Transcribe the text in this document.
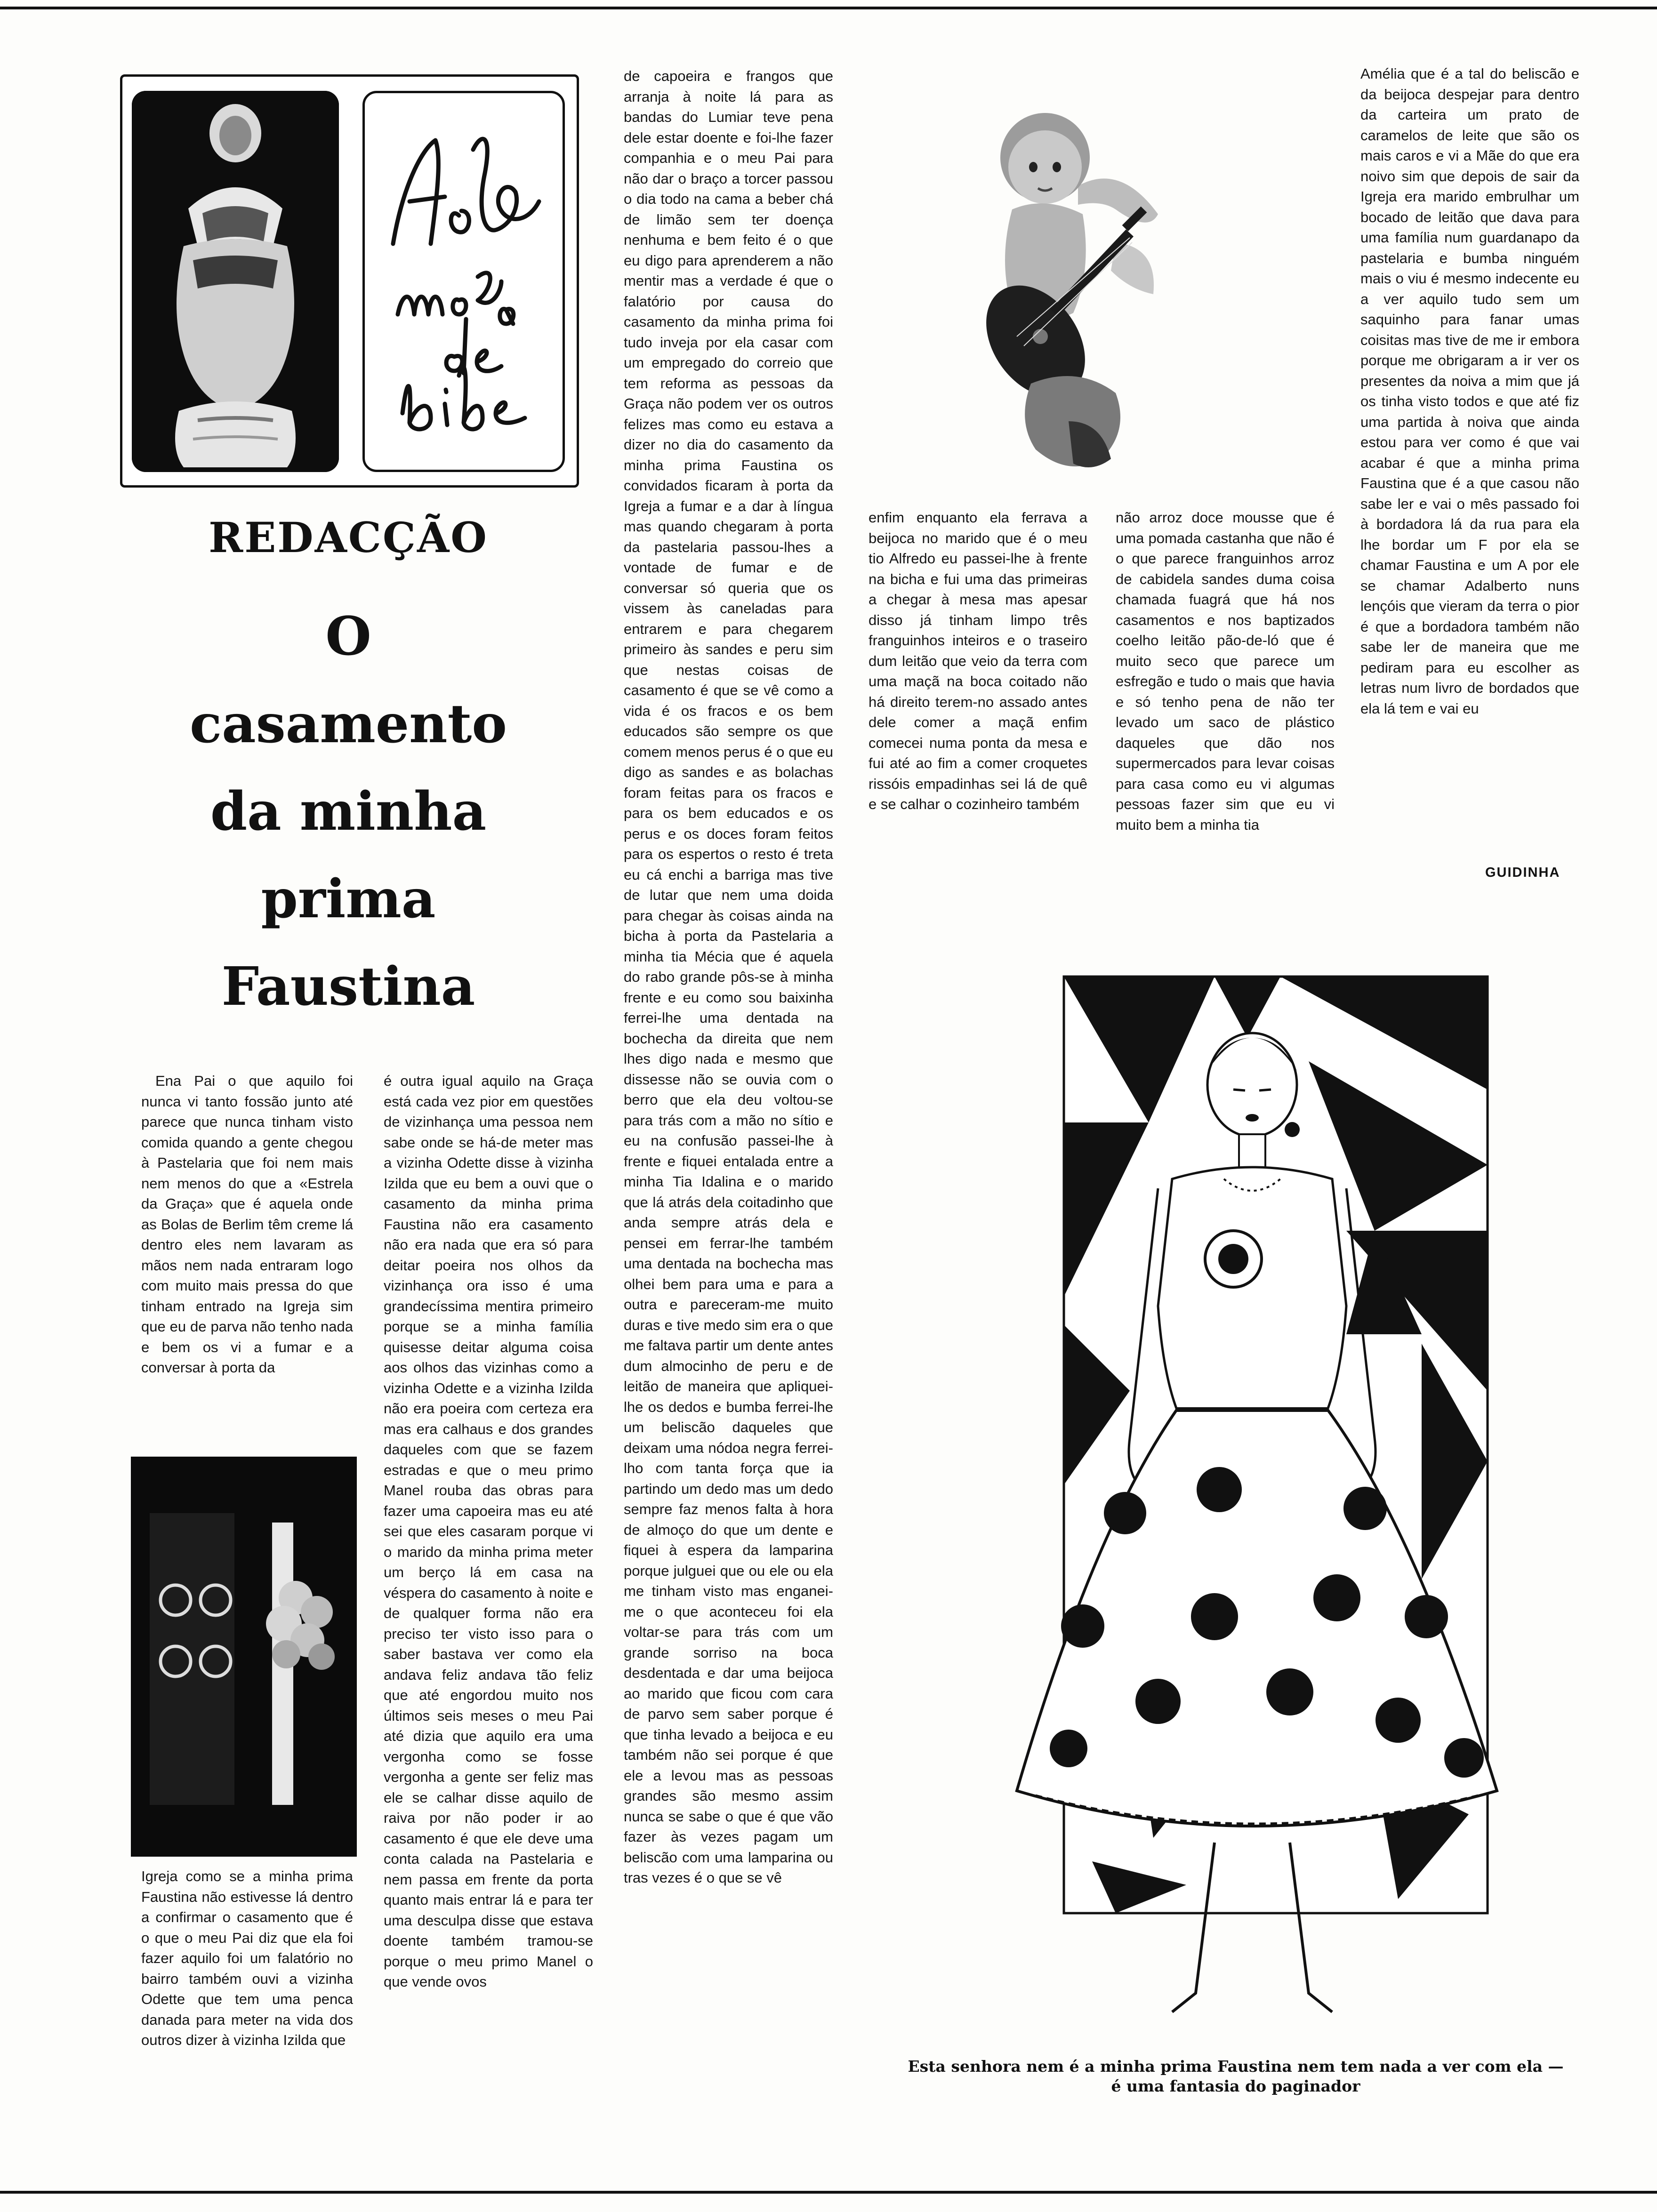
REDACÇÃO
O
casamento
da minha
prima
Faustina
Ena Pai o que aquilo foi nunca vi tanto fossão junto até parece que nunca tinham visto comida quando a gente chegou à Pastelaria que foi nem mais nem menos do que a «Estrela da Graça» que é aquela onde as Bolas de Berlim têm creme lá dentro eles nem lavaram as mãos nem nada entraram logo com muito mais pressa do que tinham entrado na Igreja sim que eu de parva não tenho nada e bem os vi a fumar e a conversar à porta da
Igreja como se a minha prima Faustina não estivesse lá dentro a confirmar o casamento que é o que o meu Pai diz que ela foi fazer aquilo foi um falatório no bairro também ouvi a vizinha Odette que tem uma penca danada para meter na vida dos outros dizer à vizinha Izilda que
é outra igual aquilo na Graça está cada vez pior em questões de vizinhança uma pessoa nem sabe onde se há-de meter mas a vizinha Odette disse à vizinha Izilda que eu bem a ouvi que o casamento da minha prima Faustina não era casamento não era nada que era só para deitar poeira nos olhos da vizinhança ora isso é uma grandecíssima mentira primeiro porque se a minha família quisesse deitar alguma coisa aos olhos das vizinhas como a vizinha Odette e a vizinha Izilda não era poeira com certeza era mas era calhaus e dos grandes daqueles com que se fazem estradas e que o meu primo Manel rouba das obras para fazer uma capoeira mas eu até sei que eles casaram porque vi o marido da minha prima meter um berço lá em casa na véspera do casamento à noite e de qualquer forma não era preciso ter visto isso para o saber bastava ver como ela andava feliz andava tão feliz que até engordou muito nos últimos seis meses o meu Pai até dizia que aquilo era uma vergonha como se fosse vergonha a gente ser feliz mas ele se calhar disse aquilo de raiva por não poder ir ao casamento é que ele deve uma conta calada na Pastelaria e nem passa em frente da porta quanto mais entrar lá e para ter uma desculpa disse que estava doente também tramou-se porque o meu primo Manel o que vende ovos
de capoeira e frangos que arranja à noite lá para as bandas do Lumiar teve pena dele estar doente e foi-lhe fazer companhia e o meu Pai para não dar o braço a torcer passou o dia todo na cama a beber chá de limão sem ter doença nenhuma e bem feito é o que eu digo para aprenderem a não mentir mas a verdade é que o falatório por causa do casamento da minha prima foi tudo inveja por ela casar com um empregado do correio que tem reforma as pessoas da Graça não podem ver os outros felizes mas como eu estava a dizer no dia do casamento da minha prima Faustina os convidados ficaram à porta da Igreja a fumar e a dar à língua mas quando chegaram à porta da pastelaria passou-lhes a vontade de fumar e de conversar só queria que os vissem às caneladas para entrarem e para chegarem primeiro às sandes e peru sim que nestas coisas de casamento é que se vê como a vida é os fracos e os bem educados são sempre os que comem menos perus é o que eu digo as sandes e as bolachas foram feitas para os fracos e para os bem educados e os perus e os doces foram feitos para os espertos o resto é treta eu cá enchi a barriga mas tive de lutar que nem uma doida para chegar às coisas ainda na bicha à porta da Pastelaria a minha tia Mécia que é aquela do rabo grande pôs-se à minha frente e eu como sou baixinha ferrei-lhe uma dentada na bochecha da direita que nem lhes digo nada e mesmo que dissesse não se ouvia com o berro que ela deu voltou-se para trás com a mão no sítio e eu na confusão passei-lhe à frente e fiquei entalada entre a minha Tia Idalina e o marido que lá atrás dela coitadinho que anda sempre atrás dela e pensei em ferrar-lhe também uma dentada na bochecha mas olhei bem para uma e para a outra e pareceram-me muito duras e tive medo sim era o que me faltava partir um dente antes dum almocinho de peru e de leitão de maneira que apliquei-lhe os dedos e bumba ferrei-lhe um beliscão daqueles que deixam uma nódoa negra ferrei-lho com tanta força que ia partindo um dedo mas um dedo sempre faz menos falta à hora de almoço do que um dente e fiquei à espera da lamparina porque julguei que ou ele ou ela me tinham visto mas enganei-me o que aconteceu foi ela voltar-se para trás com um grande sorriso na boca desdentada e dar uma beijoca ao marido que ficou com cara de parvo sem saber porque é que tinha levado a beijoca e eu também não sei porque é que ele a levou mas as pessoas grandes são mesmo assim nunca se sabe o que é que vão fazer às vezes pagam um beliscão com uma lamparina ou tras vezes é o que se vê
enfim enquanto ela ferrava a beijoca no marido que é o meu tio Alfredo eu passei-lhe à frente na bicha e fui uma das primeiras a chegar à mesa mas apesar disso já tinham limpo três franguinhos inteiros e o traseiro dum leitão que veio da terra com uma maçã na boca coitado não há direito terem-no assado antes dele comer a maçã enfim comecei numa ponta da mesa e fui até ao fim a comer croquetes rissóis empadinhas sei lá de quê e se calhar o cozinheiro também
não arroz doce mousse que é uma pomada castanha que não é o que parece franguinhos arroz de cabidela sandes duma coisa chamada fuagrá que há nos casamentos e nos baptizados coelho leitão pão-de-ló que é muito seco que parece um esfregão e tudo o mais que havia e só tenho pena de não ter levado um saco de plástico daqueles que dão nos supermercados para levar coisas para casa como eu vi algumas pessoas fazer sim que eu vi muito bem a minha tia
Amélia que é a tal do beliscão e da beijoca despejar para dentro da carteira um prato de caramelos de leite que são os mais caros e vi a Mãe do que era noivo sim que depois de sair da Igreja era marido embrulhar um bocado de leitão que dava para uma família num guardanapo da pastelaria e bumba ninguém mais o viu é mesmo indecente eu a ver aquilo tudo sem um saquinho para fanar umas coisitas mas tive de me ir embora porque me obrigaram a ir ver os presentes da noiva a mim que já os tinha visto todos e que até fiz uma partida à noiva que ainda estou para ver como é que vai acabar é que a minha prima Faustina que é a que casou não sabe ler e vai o mês passado foi à bordadora lá da rua para ela lhe bordar um F por ela se chamar Faustina e um A por ele se chamar Adalberto nuns lençóis que vieram da terra o pior é que a bordadora também não sabe ler de maneira que me pediram para eu escolher as letras num livro de bordados que ela lá tem e vai eu
GUIDINHA
Esta senhora nem é a minha prima Faustina nem tem nada a ver com ela —
é uma fantasia do paginador
